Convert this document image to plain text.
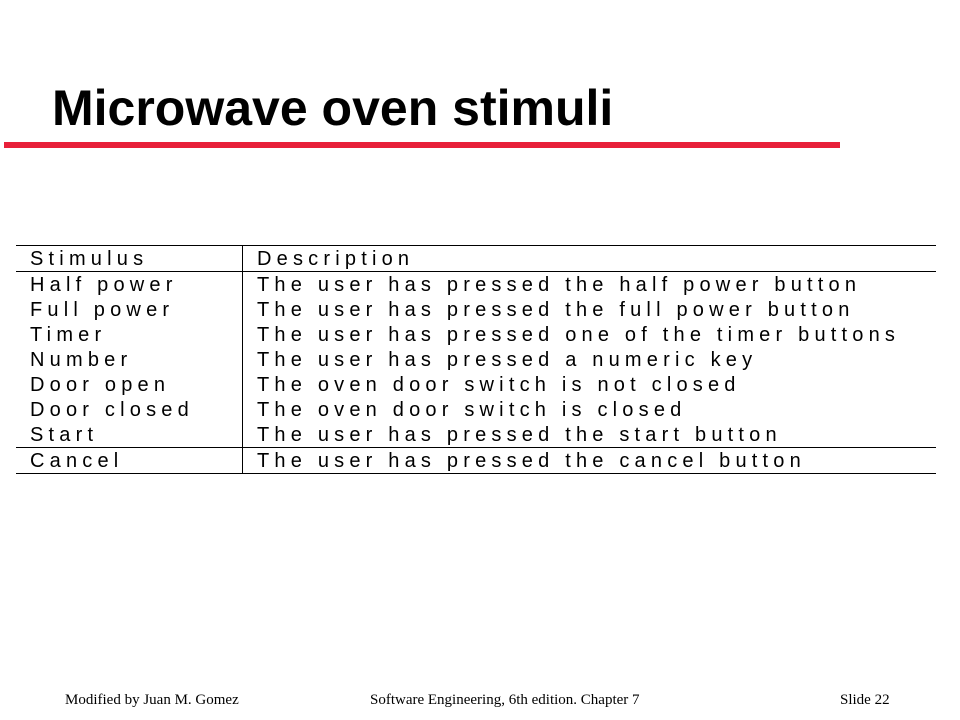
Microwave oven stimuli
Stimulus	Description
Half power	The user has pressed the half power button
Full power	The user has pressed the full power button
Timer	The user has pressed one of the timer buttons
Number	The user has pressed a numeric key
Door open	The oven door switch is not closed
Door closed	The oven door switch is closed
Start	The user has pressed the start button
Cancel	The user has pressed the cancel button
Modified by Juan M. Gomez	Software Engineering, 6th edition. Chapter 7	Slide 22
